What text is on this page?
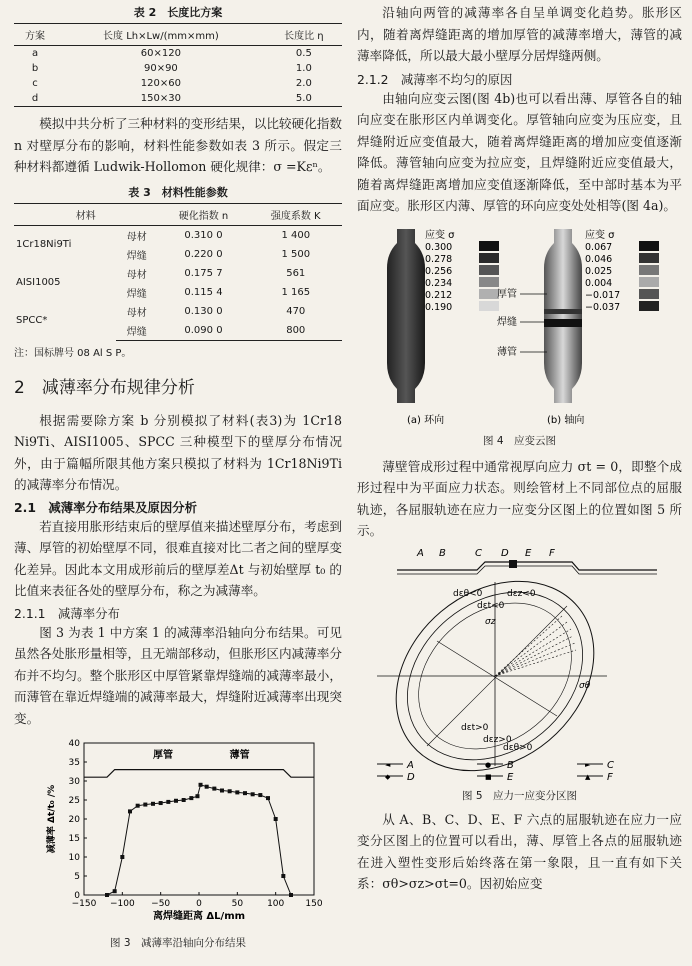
表 2　长度比方案
方案	长度 Lh×Lw/(mm×mm)	长度比 η
a	60×120	0.5
b	90×90	1.0
c	120×60	2.0
d	150×30	5.0

模拟中共分析了三种材料的变形结果，以比较硬化指数 n 对壁厚分布的影响，材料性能参数如表 3 所示。假定三种材料都遵循 Ludwik-Hollomon 硬化规律：σ =Kεⁿ。

表 3　材料性能参数
材料		硬化指数 n	强度系数 K
1Cr18Ni9Ti	母材	0.310 0	1 400
	焊缝	0.220 0	1 500
AISI1005	母材	0.175 7	561
	焊缝	0.115 4	1 165
SPCC*	母材	0.130 0	470
	焊缝	0.090 0	800
注：国标牌号 08 Al S P。
2　减薄率分布规律分析

根据需要除方案 b 分别模拟了材料(表3)为 1Cr18 Ni9Ti、AISI1005、SPCC 三种模型下的壁厚分布情况外，由于篇幅所限其他方案只模拟了材料为 1Cr18Ni9Ti 的减薄率分布情况。

2.1　减薄率分布结果及原因分析

若直接用胀形结束后的壁厚值来描述壁厚分布，考虑到薄、厚管的初始壁厚不同，很难直接对比二者之间的壁厚变化差异。因此本文用成形前后的壁厚差Δt 与初始壁厚 t₀ 的比值来表征各处的壁厚分布，称之为减薄率。

2.1.1　减薄率分布

图 3 为表 1 中方案 1 的减薄率沿轴向分布结果。可见虽然各处胀形量相等，且无端部移动，但胀形区内减薄率分布并不均匀。整个胀形区中厚管紧靠焊缝端的减薄率最小，而薄管在靠近焊缝端的减薄率最大，焊缝附近减薄率出现突变。

−150 −100 −50	0	50	100 150
0
5
10
15
20
25
30
35
40
离焊缝距离 ΔL/mm
减薄率 Δt/t₀ /%
厚管	薄管
图 3　减薄率沿轴向分布结果

沿轴向两管的减薄率各自呈单调变化趋势。胀形区内，随着离焊缝距离的增加厚管的减薄率增大，薄管的减薄率降低，所以最大最小壁厚分居焊缝两侧。

2.1.2　减薄率不均匀的原因

由轴向应变云图(图 4b)也可以看出薄、厚管各自的轴向应变在胀形区内单调变化。厚管轴向应变为压应变，且焊缝附近应变值最大，随着离焊缝距离的增加应变值逐渐降低。薄管轴向应变为拉应变，且焊缝附近应变值最大，随着离焊缝距离增加应变值逐渐降低，至中部时基本为平面应变。胀形区内薄、厚管的环向应变处处相等(图 4a)。

应变 σ
0.300
0.278
0.256
0.234
0.212
0.190
应变 σ
0.067
0.046
0.025
0.004
−0.017
−0.037
厚管
焊缝
薄管
(a) 环向	(b) 轴向
图 4　应变云图

薄壁管成形过程中通常视厚向应力 σt = 0，即整个成形过程中为平面应力状态。则绘管材上不同部位点的屈服轨迹，各屈服轨迹在应力一应变分区图上的位置如图 5 所示。

A B	C D E F
dεθ<0
dεt<0
σz
σθ
dεt>0
dεz>0
dεθ>0
dεz<0
◄ A	● B	► C
◆ D	■ E	▲ F
图 5　应力一应变分区图

从 A、B、C、D、E、F 六点的屈服轨迹在应力一应变分区图上的位置可以看出，薄、厚管上各点的屈服轨迹在进入塑性变形后始终落在第一象限，且一直有如下关系：σθ>σz>σt=0。因初始应变
